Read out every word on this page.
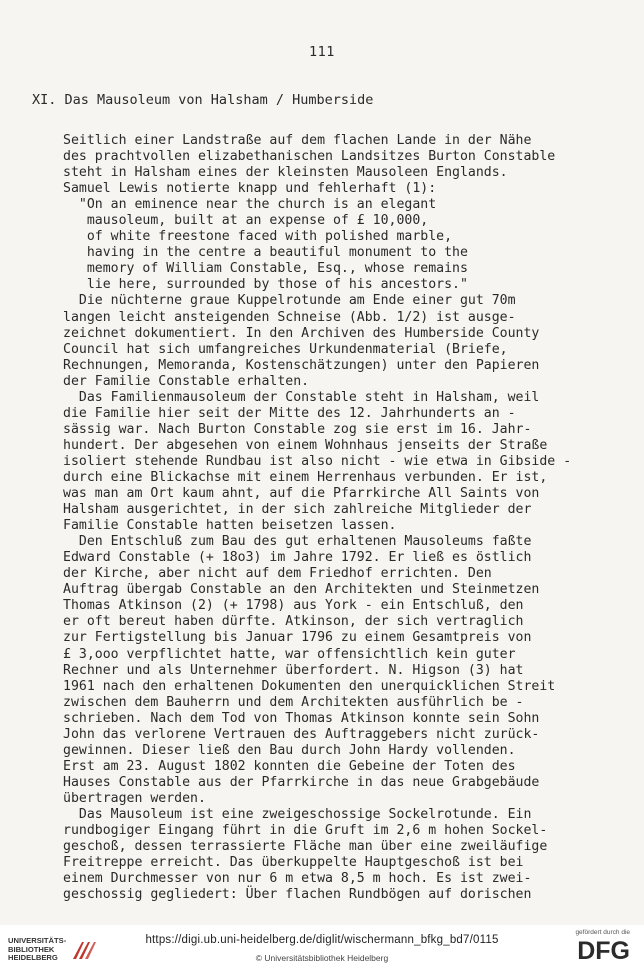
111
XI. Das Mausoleum von Halsham / Humberside
Seitlich einer Landstraße auf dem flachen Lande in der Nähe
des prachtvollen elizabethanischen Landsitzes Burton Constable
steht in Halsham eines der kleinsten Mausoleen Englands.
Samuel Lewis notierte knapp und fehlerhaft (1):
"On an eminence near the church is an elegant
mausoleum, built at an expense of £ 10,000,
of white freestone faced with polished marble,
having in the centre a beautiful monument to the
memory of William Constable, Esq., whose remains
lie here, surrounded by those of his ancestors."
Die nüchterne graue Kuppelrotunde am Ende einer gut 70m
langen leicht ansteigenden Schneise (Abb. 1/2) ist ausge-
zeichnet dokumentiert. In den Archiven des Humberside County
Council hat sich umfangreiches Urkundenmaterial (Briefe,
Rechnungen, Memoranda, Kostenschätzungen) unter den Papieren
der Familie Constable erhalten.
Das Familienmausoleum der Constable steht in Halsham, weil
die Familie hier seit der Mitte des 12. Jahrhunderts an -
sässig war. Nach Burton Constable zog sie erst im 16. Jahr-
hundert. Der abgesehen von einem Wohnhaus jenseits der Straße
isoliert stehende Rundbau ist also nicht - wie etwa in Gibside -
durch eine Blickachse mit einem Herrenhaus verbunden. Er ist,
was man am Ort kaum ahnt, auf die Pfarrkirche All Saints von
Halsham ausgerichtet, in der sich zahlreiche Mitglieder der
Familie Constable hatten beisetzen lassen.
Den Entschluß zum Bau des gut erhaltenen Mausoleums faßte
Edward Constable (+ 18o3) im Jahre 1792. Er ließ es östlich
der Kirche, aber nicht auf dem Friedhof errichten. Den
Auftrag übergab Constable an den Architekten und Steinmetzen
Thomas Atkinson (2) (+ 1798) aus York - ein Entschluß, den
er oft bereut haben dürfte. Atkinson, der sich vertraglich
zur Fertigstellung bis Januar 1796 zu einem Gesamtpreis von
£ 3,ooo verpflichtet hatte, war offensichtlich kein guter
Rechner und als Unternehmer überfordert. N. Higson (3) hat
1961 nach den erhaltenen Dokumenten den unerquicklichen Streit
zwischen dem Bauherrn und dem Architekten ausführlich be -
schrieben. Nach dem Tod von Thomas Atkinson konnte sein Sohn
John das verlorene Vertrauen des Auftraggebers nicht zurück-
gewinnen. Dieser ließ den Bau durch John Hardy vollenden.
Erst am 23. August 1802 konnten die Gebeine der Toten des
Hauses Constable aus der Pfarrkirche in das neue Grabgebäude
übertragen werden.
Das Mausoleum ist eine zweigeschossige Sockelrotunde. Ein
rundbogiger Eingang führt in die Gruft im 2,6 m hohen Sockel-
geschoß, dessen terrassierte Fläche man über eine zweiläufige
Freitreppe erreicht. Das überkuppelte Hauptgeschoß ist bei
einem Durchmesser von nur 6 m etwa 8,5 m hoch. Es ist zwei-
geschossig gegliedert: Über flachen Rundbögen auf dorischen
UNIVERSITÄTS-
BIBLIOTHEK
HEIDELBERG
https://digi.ub.uni-heidelberg.de/diglit/wischermann_bfkg_bd7/0115
© Universitätsbibliothek Heidelberg
gefördert durch die
DFG
